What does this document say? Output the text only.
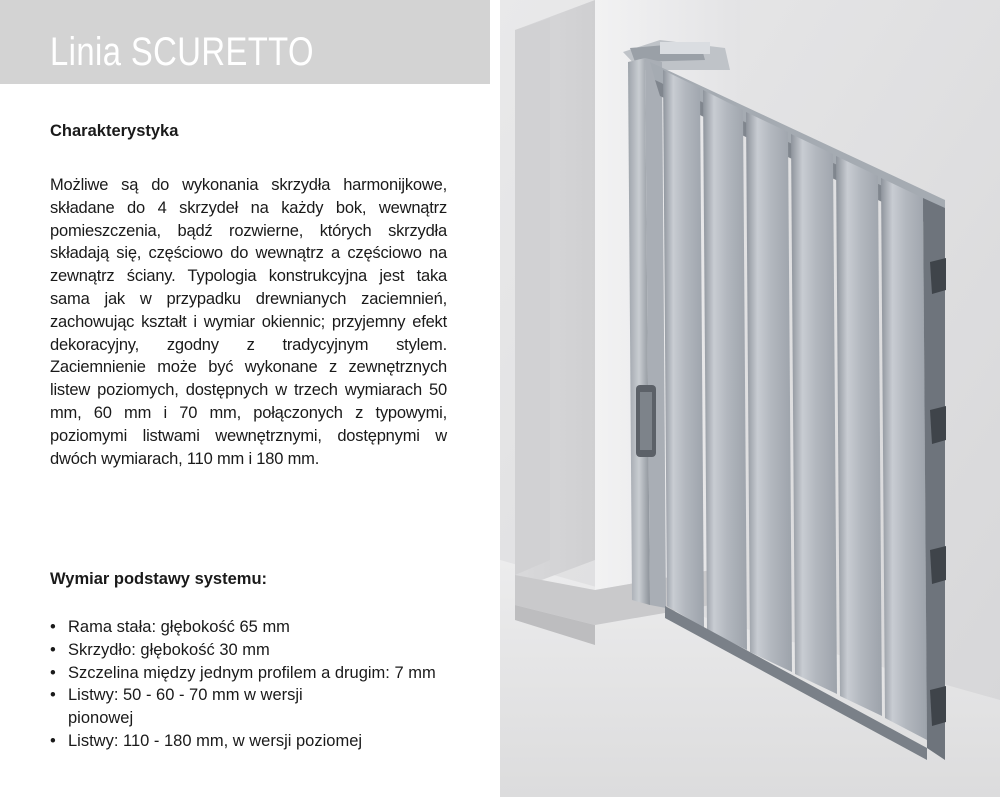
Linia SCURETTO
Charakterystyka

Możliwe są do wykonania skrzydła harmonijkowe, składane do 4 skrzydeł na każdy bok, wewnątrz pomieszczenia, bądź rozwierne, których skrzydła składają się, częściowo do wewnątrz a częściowo na zewnątrz ściany. Typologia konstrukcyjna jest taka sama jak w przypadku drewnianych zaciemnień, zachowując kształt i wymiar okiennic; przyjemny efekt dekoracyjny, zgodny z tradycyjnym stylem. Zaciemnienie może być wykonane z zewnętrznych listew poziomych, dostępnych w trzech wymiarach 50 mm, 60 mm i 70 mm, połączonych z typowymi, poziomymi listwami wewnętrznymi, dostępnymi w dwóch wymiarach, 110 mm i 180 mm.

Wymiar podstawy systemu:
• Rama stała: głębokość 65 mm
• Skrzydło: głębokość 30 mm
• Szczelina między jednym profilem a drugim: 7 mm
• Listwy: 50 - 60 - 70 mm w wersji pionowej
• Listwy: 110 - 180 mm, w wersji poziomej
